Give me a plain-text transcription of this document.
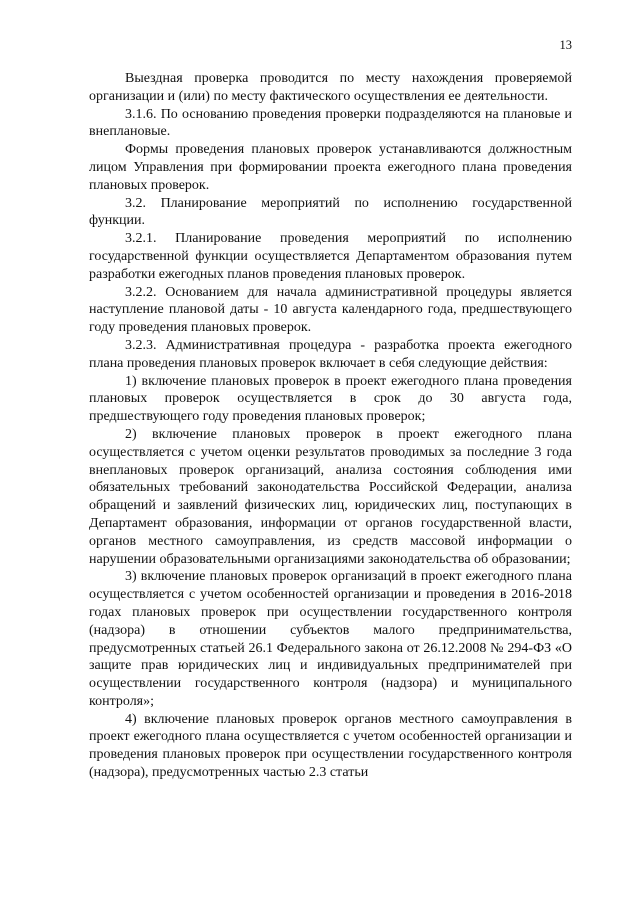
13

Выездная проверка проводится по месту нахождения проверяемой организации и (или) по месту фактического осуществления ее деятельности.

3.1.6. По основанию проведения проверки подразделяются на плановые и внеплановые.

Формы проведения плановых проверок устанавливаются должностным лицом Управления при формировании проекта ежегодного плана проведения плановых проверок.

3.2. Планирование мероприятий по исполнению государственной функции.

3.2.1. Планирование проведения мероприятий по исполнению государственной функции осуществляется Департаментом образования путем разработки ежегодных планов проведения плановых проверок.

3.2.2. Основанием для начала административной процедуры является наступление плановой даты - 10 августа календарного года, предшествующего году проведения плановых проверок.

3.2.3. Административная процедура - разработка проекта ежегодного плана проведения плановых проверок включает в себя следующие действия:

1) включение плановых проверок в проект ежегодного плана проведения плановых проверок осуществляется в срок до 30 августа года, предшествующего году проведения плановых проверок;

2) включение плановых проверок в проект ежегодного плана осуществляется с учетом оценки результатов проводимых за последние 3 года внеплановых проверок организаций, анализа состояния соблюдения ими обязательных требований законодательства Российской Федерации, анализа обращений и заявлений физических лиц, юридических лиц, поступающих в Департамент образования, информации от органов государственной власти, органов местного самоуправления, из средств массовой информации о нарушении образовательными организациями законодательства об образовании;

3) включение плановых проверок организаций в проект ежегодного плана осуществляется с учетом особенностей организации и проведения в 2016-2018 годах плановых проверок при осуществлении государственного контроля (надзора) в отношении субъектов малого предпринимательства, предусмотренных статьей 26.1 Федерального закона от 26.12.2008 № 294-ФЗ «О защите прав юридических лиц и индивидуальных предпринимателей при осуществлении государственного контроля (надзора) и муниципального контроля»;

4) включение плановых проверок органов местного самоуправления в проект ежегодного плана осуществляется с учетом особенностей организации и проведения плановых проверок при осуществлении государственного контроля (надзора), предусмотренных частью 2.3 статьи
